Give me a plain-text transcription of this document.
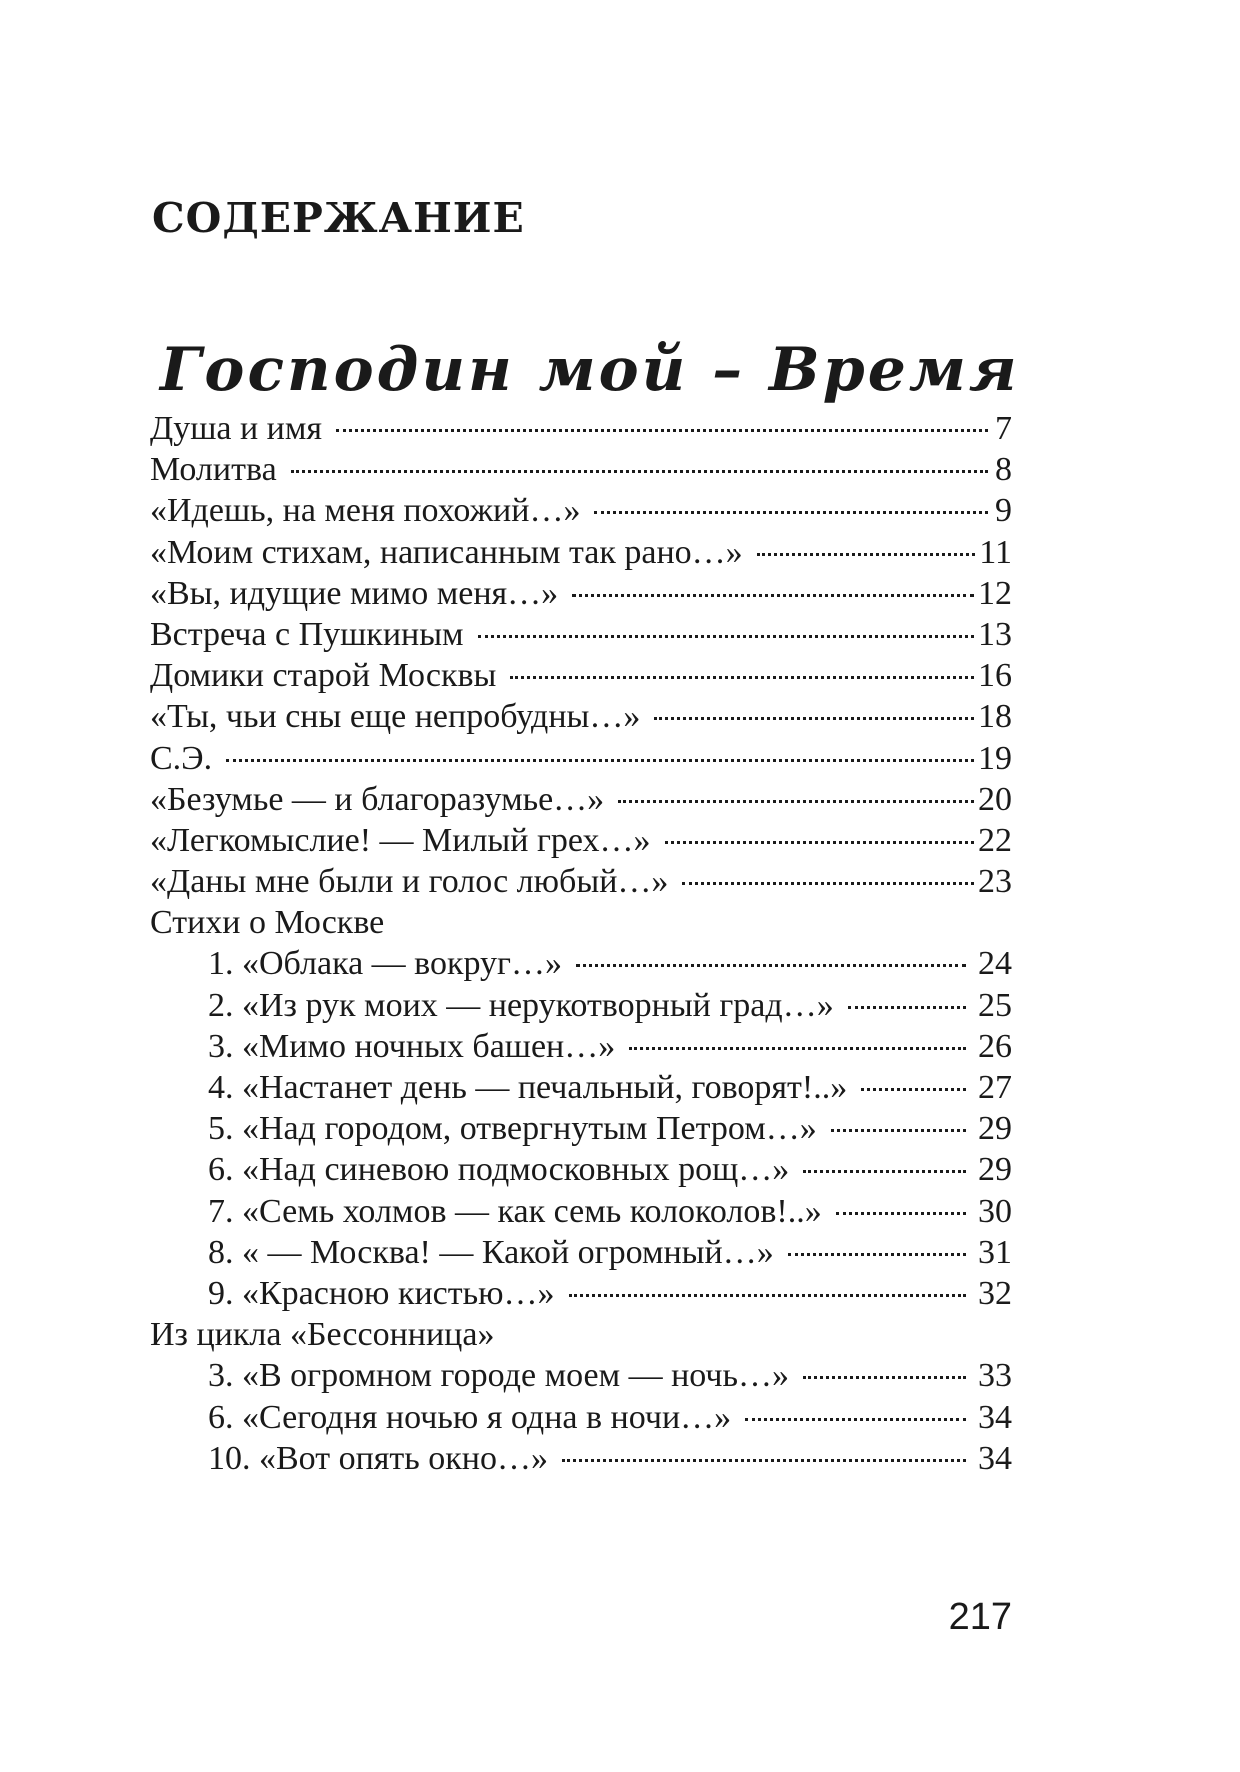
СОДЕРЖАНИЕ
Господин мой – Время
Душа и имя	7
Молитва	8
«Идешь, на меня похожий…»	9
«Моим стихам, написанным так рано…»	11
«Вы, идущие мимо меня…»	12
Встреча с Пушкиным	13
Домики старой Москвы	16
«Ты, чьи сны еще непробудны…»	18
С.Э.	19
«Безумье — и благоразумье…»	20
«Легкомыслие! — Милый грех…»	22
«Даны мне были и голос любый…»	23
Стихи о Москве
1. «Облака — вокруг…»	24
2. «Из рук моих — нерукотворный град…»	25
3. «Мимо ночных башен…»	26
4. «Настанет день — печальный, говорят!..»	27
5. «Над городом, отвергнутым Петром…»	29
6. «Над синевою подмосковных рощ…»	29
7. «Семь холмов — как семь колоколов!..»	30
8. « — Москва! — Какой огромный…»	31
9. «Красною кистью…»	32
Из цикла «Бессонница»
3. «В огромном городе моем — ночь…»	33
6. «Сегодня ночью я одна в ночи…»	34
10. «Вот опять окно…»	34
217
